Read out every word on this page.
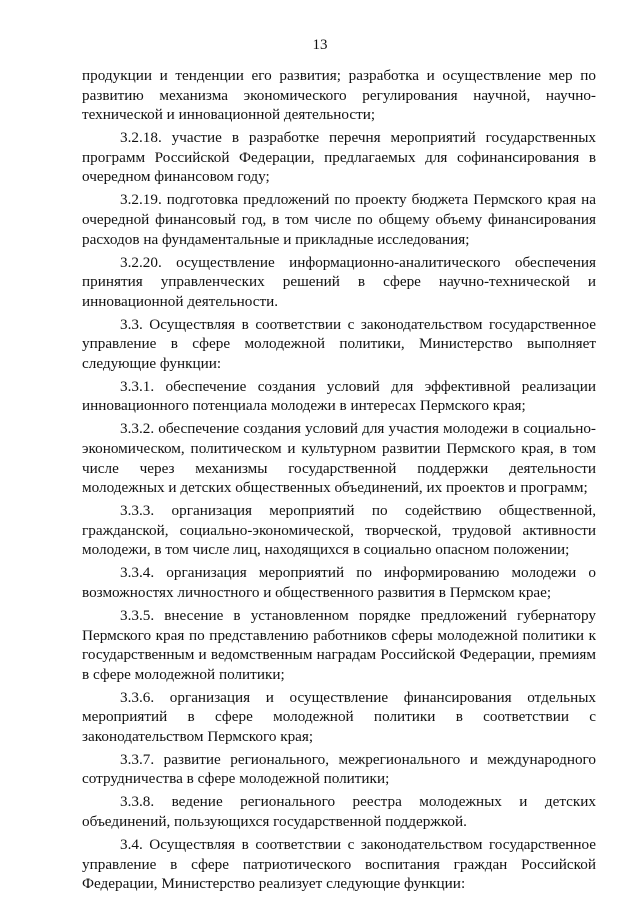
13

продукции и тенденции его развития; разработка и осуществление мер по развитию механизма экономического регулирования научной, научно-технической и инновационной деятельности;

3.2.18. участие в разработке перечня мероприятий государственных программ Российской Федерации, предлагаемых для софинансирования в очередном финансовом году;

3.2.19. подготовка предложений по проекту бюджета Пермского края на очередной финансовый год, в том числе по общему объему финансирования расходов на фундаментальные и прикладные исследования;

3.2.20. осуществление информационно-аналитического обеспечения принятия управленческих решений в сфере научно-технической и инновационной деятельности.

3.3. Осуществляя в соответствии с законодательством государственное управление в сфере молодежной политики, Министерство выполняет следующие функции:

3.3.1. обеспечение создания условий для эффективной реализации инновационного потенциала молодежи в интересах Пермского края;

3.3.2. обеспечение создания условий для участия молодежи в социально-экономическом, политическом и культурном развитии Пермского края, в том числе через механизмы государственной поддержки деятельности молодежных и детских общественных объединений, их проектов и программ;

3.3.3. организация мероприятий по содействию общественной, гражданской, социально-экономической, творческой, трудовой активности молодежи, в том числе лиц, находящихся в социально опасном положении;

3.3.4. организация мероприятий по информированию молодежи о возможностях личностного и общественного развития в Пермском крае;

3.3.5. внесение в установленном порядке предложений губернатору Пермского края по представлению работников сферы молодежной политики к государственным и ведомственным наградам Российской Федерации, премиям в сфере молодежной политики;

3.3.6. организация и осуществление финансирования отдельных мероприятий в сфере молодежной политики в соответствии с законодательством Пермского края;

3.3.7. развитие регионального, межрегионального и международного сотрудничества в сфере молодежной политики;

3.3.8. ведение регионального реестра молодежных и детских объединений, пользующихся государственной поддержкой.

3.4. Осуществляя в соответствии с законодательством государственное управление в сфере патриотического воспитания граждан Российской Федерации, Министерство реализует следующие функции:
